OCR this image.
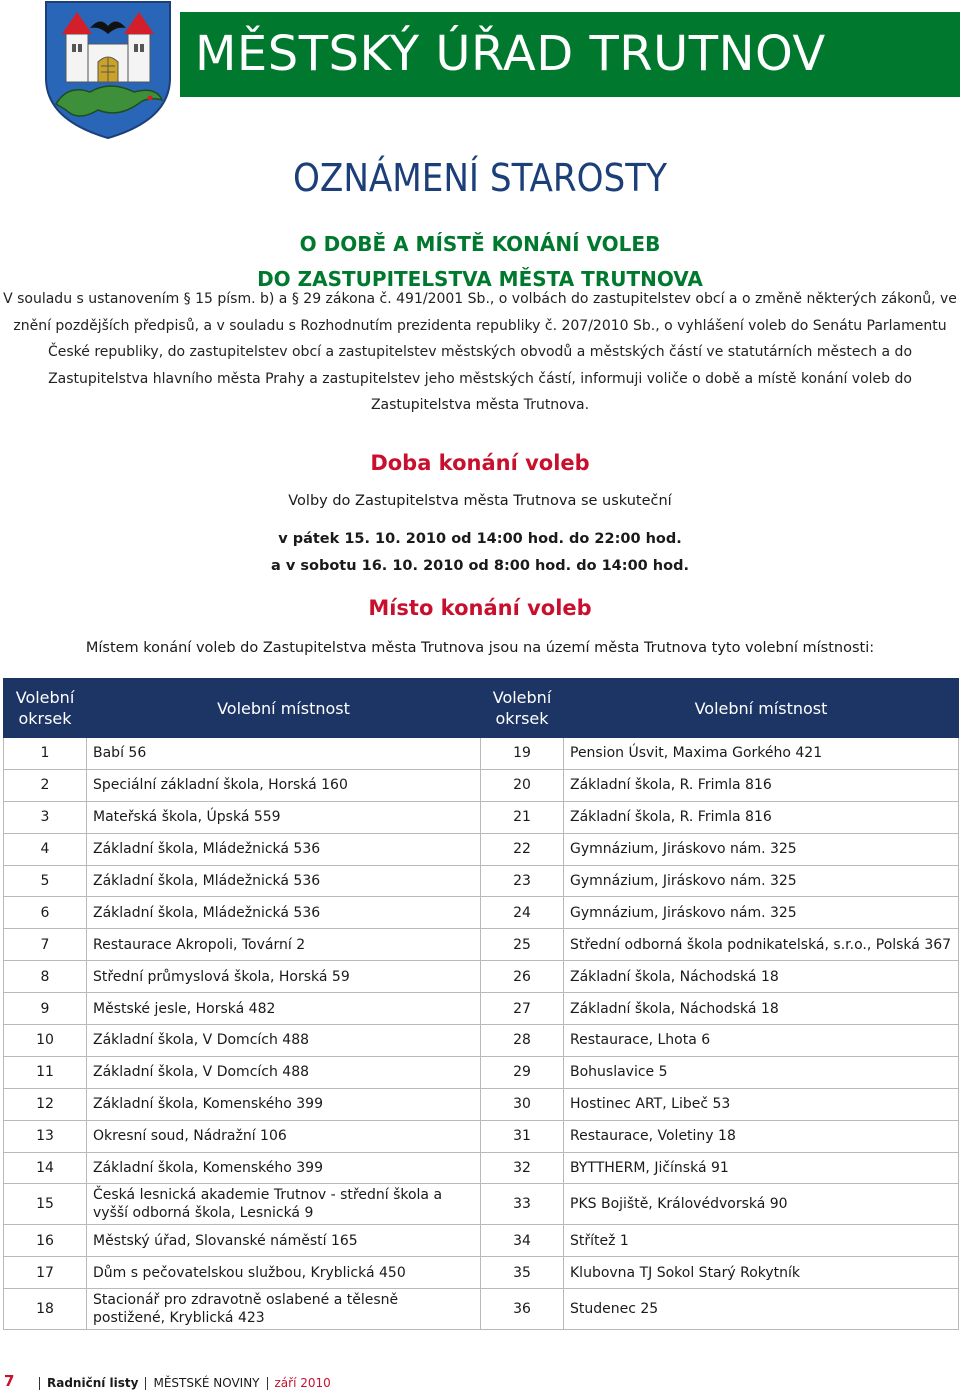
MĚSTSKÝ ÚŘAD TRUTNOV
OZNÁMENÍ STAROSTY
O DOBĚ A MÍSTĚ KONÁNÍ VOLEB
DO ZASTUPITELSTVA MĚSTA TRUTNOVA
V souladu s ustanovením § 15 písm. b) a § 29 zákona č. 491/2001 Sb., o volbách do zastupitelstev obcí a o změně některých zákonů, ve znění pozdějších předpisů, a v souladu s Rozhodnutím prezidenta republiky č. 207/2010 Sb., o vyhlášení voleb do Senátu Parlamentu České republiky, do zastupitelstev obcí a zastupitelstev městských obvodů a městských částí ve statutárních městech a do Zastupitelstva hlavního města Prahy a zastupitelstev jeho městských částí, informuji voliče o době a místě konání voleb do Zastupitelstva města Trutnova.
Doba konání voleb
Volby do Zastupitelstva města Trutnova se uskuteční
v pátek 15. 10. 2010 od 14:00 hod. do 22:00 hod.
a v sobotu 16. 10. 2010 od 8:00 hod. do 14:00 hod.
Místo konání voleb
Místem konání voleb do Zastupitelstva města Trutnova jsou na území města Trutnova tyto volební místnosti:
Volební okrsek	Volební místnost	Volební okrsek	Volební místnost
1	Babí 56	19	Pension Úsvit, Maxima Gorkého 421
2	Speciální základní škola, Horská 160	20	Základní škola, R. Frimla 816
3	Mateřská škola, Úpská 559	21	Základní škola, R. Frimla 816
4	Základní škola, Mládežnická 536	22	Gymnázium, Jiráskovo nám. 325
5	Základní škola, Mládežnická 536	23	Gymnázium, Jiráskovo nám. 325
6	Základní škola, Mládežnická 536	24	Gymnázium, Jiráskovo nám. 325
7	Restaurace Akropoli, Tovární 2	25	Střední odborná škola podnikatelská, s.r.o., Polská 367
8	Střední průmyslová škola, Horská 59	26	Základní škola, Náchodská 18
9	Městské jesle, Horská 482	27	Základní škola, Náchodská 18
10	Základní škola, V Domcích 488	28	Restaurace, Lhota 6
11	Základní škola, V Domcích 488	29	Bohuslavice 5
12	Základní škola, Komenského 399	30	Hostinec ART, Libeč 53
13	Okresní soud, Nádražní 106	31	Restaurace, Voletiny 18
14	Základní škola, Komenského 399	32	BYTTHERM, Jičínská 91
15	Česká lesnická akademie Trutnov - střední škola a vyšší odborná škola, Lesnická 9	33	PKS Bojiště, Královédvorská 90
16	Městský úřad, Slovanské náměstí 165	34	Střítež 1
17	Dům s pečovatelskou službou, Kryblická 450	35	Klubovna TJ Sokol Starý Rokytník
18	Stacionář pro zdravotně oslabené a tělesně postižené, Kryblická 423	36	Studenec 25
7	Radniční listy MĚSTSKÉ NOVINY září 2010
